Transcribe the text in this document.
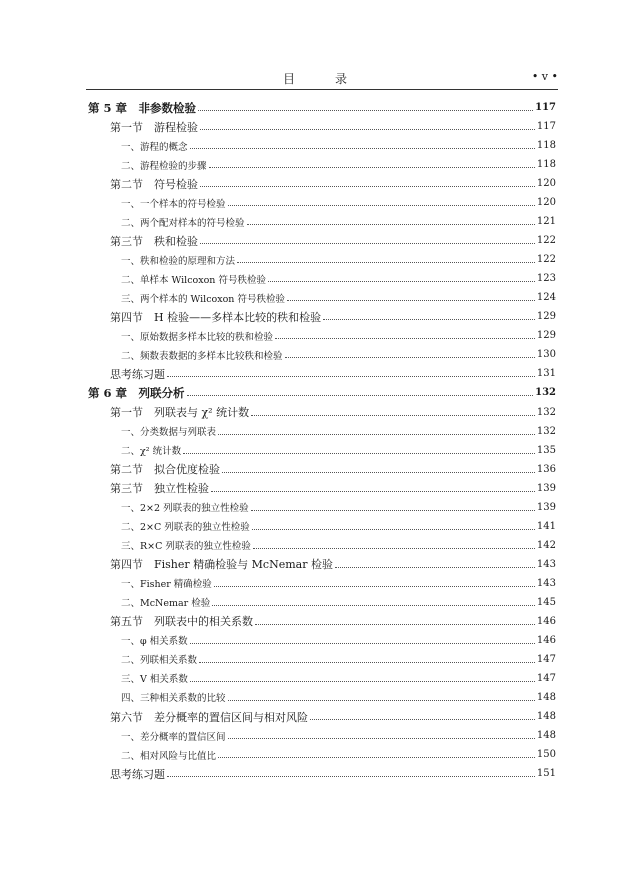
目　录	• v •
第 5 章　非参数检验	117
第一节　游程检验	117
一、游程的概念	118
二、游程检验的步骤	118
第二节　符号检验	120
一、一个样本的符号检验	120
二、两个配对样本的符号检验	121
第三节　秩和检验	122
一、秩和检验的原理和方法	122
二、单样本 Wilcoxon 符号秩检验	123
三、两个样本的 Wilcoxon 符号秩检验	124
第四节　H 检验——多样本比较的秩和检验	129
一、原始数据多样本比较的秩和检验	129
二、频数表数据的多样本比较秩和检验	130
思考练习题	131
第 6 章　列联分析	132
第一节　列联表与 χ² 统计数	132
一、分类数据与列联表	132
二、χ² 统计数	135
第二节　拟合优度检验	136
第三节　独立性检验	139
一、2×2 列联表的独立性检验	139
二、2×C 列联表的独立性检验	141
三、R×C 列联表的独立性检验	142
第四节　Fisher 精确检验与 McNemar 检验	143
一、Fisher 精确检验	143
二、McNemar 检验	145
第五节　列联表中的相关系数	146
一、φ 相关系数	146
二、列联相关系数	147
三、V 相关系数	147
四、三种相关系数的比较	148
第六节　差分概率的置信区间与相对风险	148
一、差分概率的置信区间	148
二、相对风险与比值比	150
思考练习题	151
